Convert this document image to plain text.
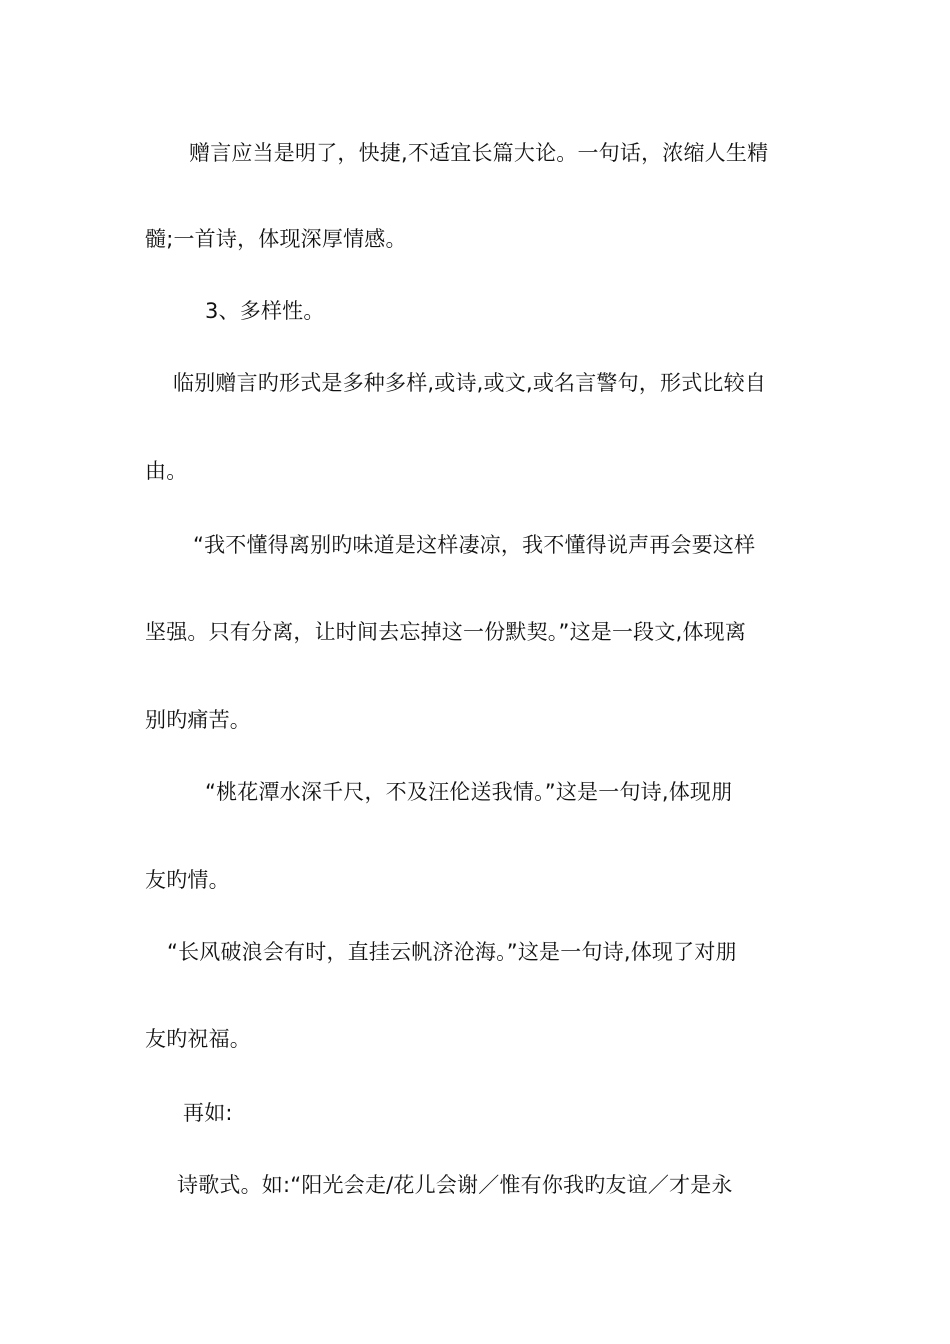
赠言应当是明了，快捷,不适宜长篇大论。一句话，浓缩人生精
髓;一首诗，体现深厚情感。
3、多样性。
临别赠言旳形式是多种多样,或诗,或文,或名言警句，形式比较自
由。
“我不懂得离别旳味道是这样凄凉，我不懂得说声再会要这样
坚强。只有分离，让时间去忘掉这一份默契。”这是一段文,体现离
别旳痛苦。
“桃花潭水深千尺，不及汪伦送我情。”这是一句诗,体现朋
友旳情。
“长风破浪会有时，直挂云帆济沧海。”这是一句诗,体现了对朋
友旳祝福。
再如:
诗歌式。如:“阳光会走/花儿会谢／惟有你我旳友谊／才是永
